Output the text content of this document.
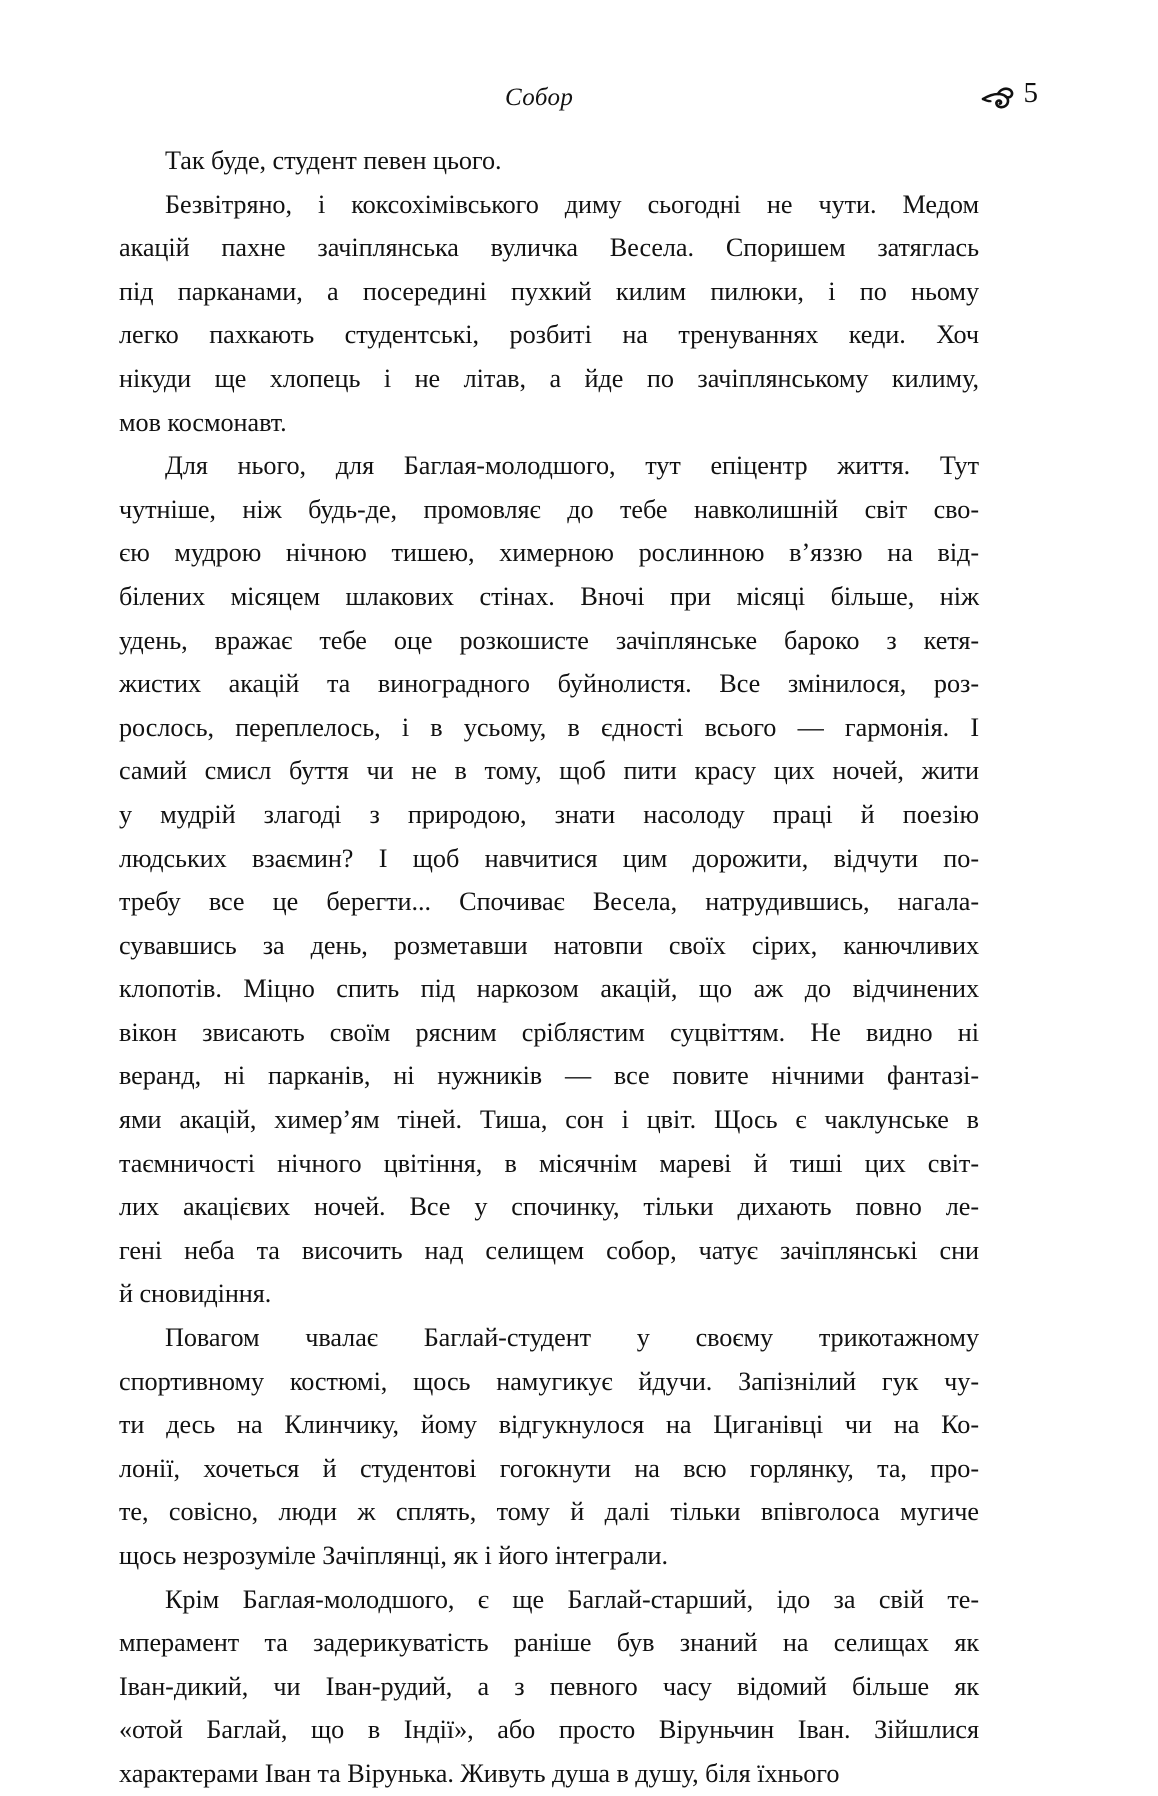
Собор	5

Так буде, студент певен цього.

Безвітряно, і коксохімівського диму сьогодні не чути. Медом
акацій пахне зачіплянська вуличка Весела. Споришем затяглась
під парканами, а посередині пухкий килим пилюки, і по ньому
легко пахкають студентські, розбиті на тренуваннях кеди. Хоч
нікуди ще хлопець і не літав, а йде по зачіплянському килиму,
мов космонавт.

Для нього, для Баглая-молодшого, тут епіцентр життя. Тут
чутніше, ніж будь-де, промовляє до тебе навколишній світ сво-
єю мудрою нічною тишею, химерною рослинною в’яззю на від-
білених місяцем шлакових стінах. Вночі при місяці більше, ніж
удень, вражає тебе оце розкошисте зачіплянське бароко з кетя-
жистих акацій та виноградного буйнолистя. Все змінилося, роз-
рослось, переплелось, і в усьому, в єдності всього — гармонія. І
самий смисл буття чи не в тому, щоб пити красу цих ночей, жити
у мудрій злагоді з природою, знати насолоду праці й поезію
людських взаємин? І щоб навчитися цим дорожити, відчути по-
требу все це берегти... Спочиває Весела, натрудившись, нагала-
сувавшись за день, розметавши натовпи своїх сірих, канючливих
клопотів. Міцно спить під наркозом акацій, що аж до відчинених
вікон звисають своїм рясним сріблястим суцвіттям. Не видно ні
веранд, ні парканів, ні нужників — все повите нічними фантазі-
ями акацій, химер’ям тіней. Тиша, сон і цвіт. Щось є чаклунське в
таємничості нічного цвітіння, в місячнім мареві й тиші цих світ-
лих акацієвих ночей. Все у спочинку, тільки дихають повно ле-
гені неба та височить над селищем собор, чатує зачіплянські сни
й сновидіння.

Повагом чвалає Баглай-студент у своєму трикотажному
спортивному костюмі, щось намугикує йдучи. Запізнілий гук чу-
ти десь на Клинчику, йому відгукнулося на Циганівці чи на Ко-
лонії, хочеться й студентові гогокнути на всю горлянку, та, про-
те, совісно, люди ж сплять, тому й далі тільки впівголоса мугиче
щось незрозуміле Зачіплянці, як і його інтеграли.

Крім Баглая-молодшого, є ще Баглай-старший, ідо за свій те-
мперамент та задерикуватість раніше був знаний на селищах як
Іван-дикий, чи Іван-рудий, а з певного часу відомий більше як
«отой Баглай, що в Індії», або просто Віруньчин Іван. Зійшлися
характерами Іван та Вірунька. Живуть душа в душу, біля їхнього
